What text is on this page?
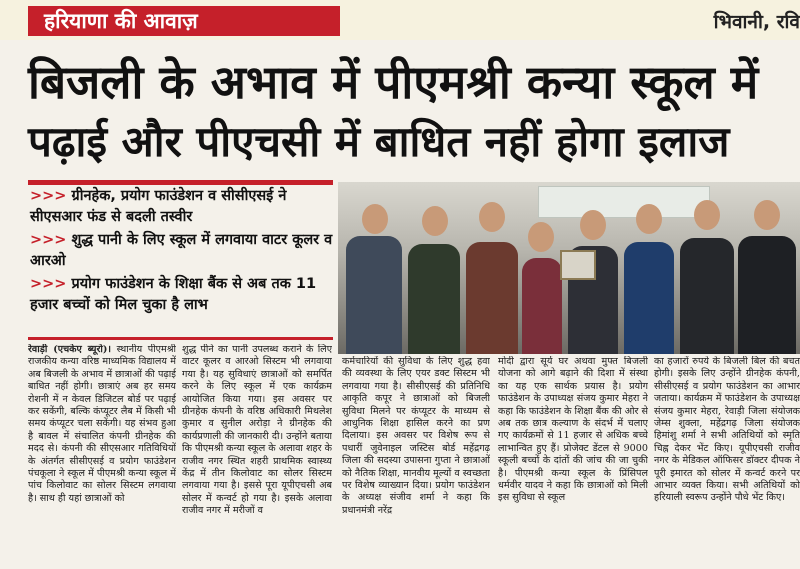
हरियाणा की आवाज़	भिवानी, रवि
बिजली के अभाव में पीएमश्री कन्या स्कूल में
पढ़ाई और पीएचसी में बाधित नहीं होगा इलाज
>>> ग्रीनहेक, प्रयोग फाउंडेशन व सीसीएसई ने सीएसआर फंड से बदली तस्वीर
>>> शुद्ध पानी के लिए स्कूल में लगवाया वाटर कूलर व आरओ
>>> प्रयोग फाउंडेशन के शिक्षा बैंक से अब तक 11 हजार बच्चों को मिल चुका है लाभ
रेवाड़ी (एचकेए ब्यूरो)। स्थानीय पीएमश्री राजकीय कन्या वरिष्ठ माध्यमिक विद्यालय में अब बिजली के अभाव में छात्राओं की पढ़ाई बाधित नहीं होगी। छात्राएं अब हर समय रोशनी में न केवल डिजिटल बोर्ड पर पढ़ाई कर सकेंगी, बल्कि कंप्यूटर लैब में किसी भी समय कंप्यूटर चला सकेंगी। यह संभव हुआ है बावल में संचालित कंपनी ग्रीनहेक की मदद से। कंपनी की सीएसआर गतिविधियों के अंतर्गत सीसीएसई व प्रयोग फाउंडेशन पंचकूला ने स्कूल में पीएमश्री कन्या स्कूल में पांच किलोवाट का सोलर सिस्टम लगवाया है। साथ ही यहां छात्राओं को
शुद्ध पीने का पानी उपलब्ध कराने के लिए वाटर कूलर व आरओ सिस्टम भी लगवाया गया है। यह सुविधाएं छात्राओं को समर्पित करने के लिए स्कूल में एक कार्यक्रम आयोजित किया गया। इस अवसर पर ग्रीनहेक कंपनी के वरिष्ठ अधिकारी मिथलेश कुमार व सुनील अरोड़ा ने ग्रीनहेक की कार्यप्रणाली की जानकारी दी। उन्होंने बताया कि पीएमश्री कन्या स्कूल के अलावा शहर के राजीव नगर स्थित शहरी प्राथमिक स्वास्थ्य केंद्र में तीन किलोवाट का सोलर सिस्टम लगवाया गया है। इससे पूरा यूपीएचसी अब सोलर में कन्वर्ट हो गया है। इसके अलावा राजीव नगर में मरीजों व
कर्मचारियों की सुविधा के लिए शुद्ध हवा की व्यवस्था के लिए एयर डक्ट सिस्टम भी लगवाया गया है। सीसीएसई की प्रतिनिधि आकृति कपूर ने छात्राओं को बिजली सुविधा मिलने पर कंप्यूटर के माध्यम से आधुनिक शिक्षा हासिल करने का प्रण दिलाया। इस अवसर पर विशेष रूप से पधारीं जुवेनाइल जस्टिस बोर्ड महेंद्रगढ़ जिला की सदस्या उपासना गुप्ता ने छात्राओं को नैतिक शिक्षा, मानवीय मूल्यों व स्वच्छता पर विशेष व्याख्यान दिया। प्रयोग फाउंडेशन के अध्यक्ष संजीव शर्मा ने कहा कि प्रधानमंत्री नरेंद्र
मोदी द्वारा सूर्य घर अथवा मुफ्त बिजली योजना को आगे बढ़ाने की दिशा में संस्था का यह एक सार्थक प्रयास है। प्रयोग फाउंडेशन के उपाध्यक्ष संजय कुमार मेहरा ने कहा कि फाउंडेशन के शिक्षा बैंक की ओर से अब तक छात्र कल्याण के संदर्भ में चलाए गए कार्यक्रमों से 11 हजार से अधिक बच्चे लाभान्वित हुए हैं। प्रोजेक्ट डेंटल से 9000 स्कूली बच्चों के दांतों की जांच की जा चुकी है। पीएमश्री कन्या स्कूल के प्रिंसिपल धर्मवीर यादव ने कहा कि छात्राओं को मिली इस सुविधा से स्कूल
का हजारों रुपये के बिजली बिल की बचत होगी। इसके लिए उन्होंने ग्रीनहेक कंपनी, सीसीएसई व प्रयोग फाउंडेशन का आभार जताया। कार्यक्रम में फाउंडेशन के उपाध्यक्ष संजय कुमार मेहरा, रेवाड़ी जिला संयोजक जेम्स शुक्ला, महेंद्रगढ़ जिला संयोजक हिमांशु शर्मा ने सभी अतिथियों को स्मृति चिह्न देकर भेंट किए। यूपीएचसी राजीव नगर के मेडिकल ऑफिसर डॉक्टर दीपक ने पूरी इमारत को सोलर में कन्वर्ट करने पर आभार व्यक्त किया। सभी अतिथियों को हरियाली स्वरूप उन्होंने पौधे भेंट किए।
